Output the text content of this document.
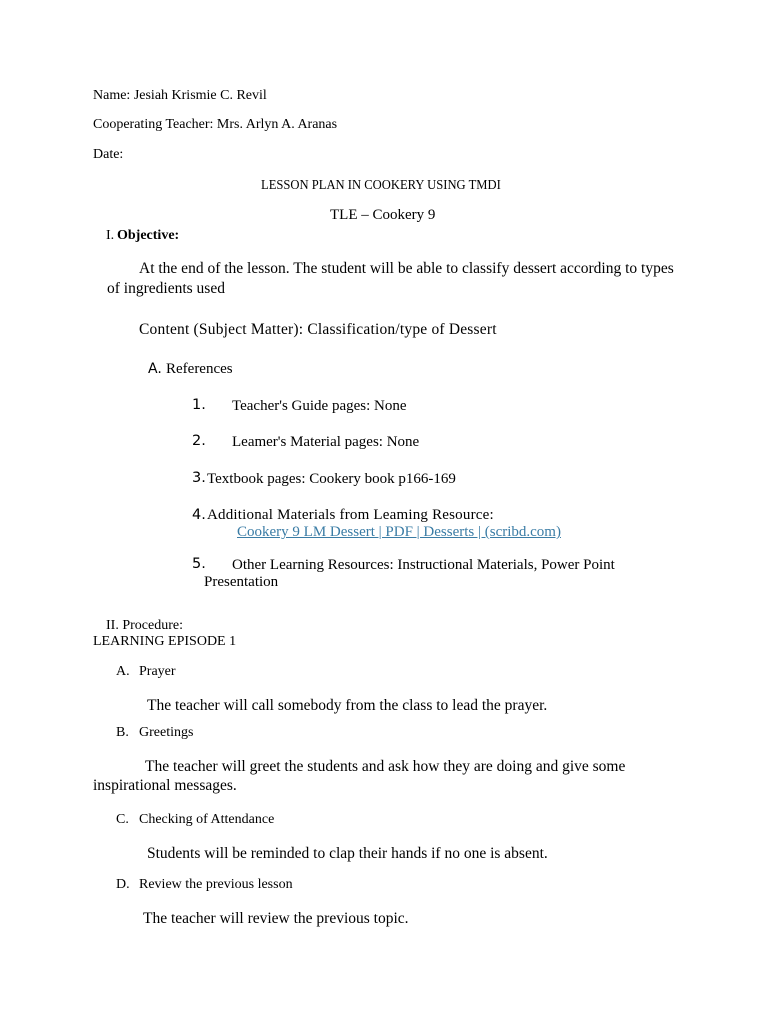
Name: Jesiah Krismie C. Revil
Cooperating Teacher: Mrs. Arlyn A. Aranas
Date:
LESSON PLAN IN COOKERY USING TMDI
TLE – Cookery 9
I. Objective:
At the end of the lesson. The student will be able to classify dessert according to types
of ingredients used
Content (Subject Matter): Classification/type of Dessert
A. References
1. Teacher's Guide pages: None
2. Leamer's Material pages: None
3. Textbook pages: Cookery book p166-169
4. Additional Materials from Leaming Resource:
Cookery 9 LM Dessert | PDF | Desserts | (scribd.com)
5. Other Learning Resources: Instructional Materials, Power Point
Presentation
II. Procedure:
LEARNING EPISODE 1
A. Prayer
The teacher will call somebody from the class to lead the prayer.
B. Greetings
The teacher will greet the students and ask how they are doing and give some
inspirational messages.
C. Checking of Attendance
Students will be reminded to clap their hands if no one is absent.
D. Review the previous lesson
The teacher will review the previous topic.
